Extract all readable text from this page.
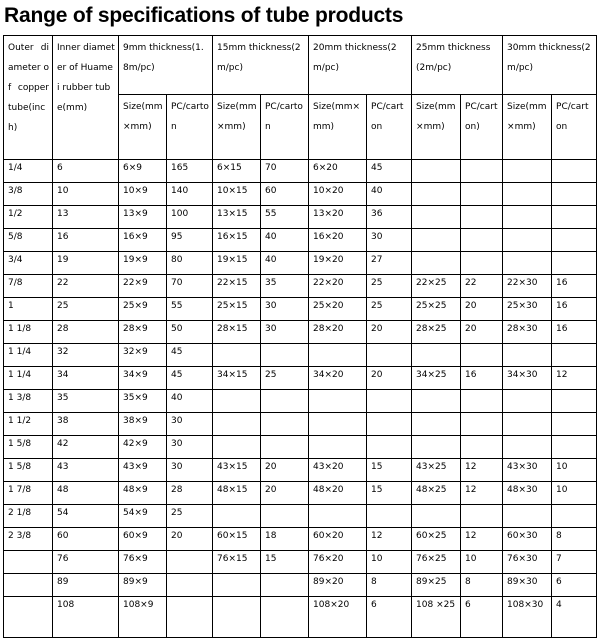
Range of specifications of tube products
Outer diameter of copper tube(inch)	Inner diameter of Huamei rubber tube(mm)	9mm thickness(1.8m/pc)		15mm thickness(2m/pc)		20mm thickness(2m/pc)		25mm thickness(2m/pc)		30mm thickness(2m/pc)	
		Size(mm ×mm)	PC/carton	Size(mm ×mm)	PC/carton	Size(mm×mm)	PC/carton	Size(mm ×mm)	PC/carton)	Size(mm ×mm)	PC/carton
1/4	6	6×9	165	6×15	70	6×20	45				
3/8	10	10×9	140	10×15	60	10×20	40				
1/2	13	13×9	100	13×15	55	13×20	36				
5/8	16	16×9	95	16×15	40	16×20	30				
3/4	19	19×9	80	19×15	40	19×20	27				
7/8	22	22×9	70	22×15	35	22×20	25	22×25	22	22×30	16
1	25	25×9	55	25×15	30	25×20	25	25×25	20	25×30	16
1 1/8	28	28×9	50	28×15	30	28×20	20	28×25	20	28×30	16
1 1/4	32	32×9	45								
1 1/4	34	34×9	45	34×15	25	34×20	20	34×25	16	34×30	12
1 3/8	35	35×9	40								
1 1/2	38	38×9	30								
1 5/8	42	42×9	30								
1 5/8	43	43×9	30	43×15	20	43×20	15	43×25	12	43×30	10
1 7/8	48	48×9	28	48×15	20	48×20	15	48×25	12	48×30	10
2 1/8	54	54×9	25								
2 3/8	60	60×9	20	60×15	18	60×20	12	60×25	12	60×30	8
	76	76×9		76×15	15	76×20	10	76×25	10	76×30	7
	89	89×9				89×20	8	89×25	8	89×30	6
	108	108×9				108×20	6	108 ×25	6	108×30	4
